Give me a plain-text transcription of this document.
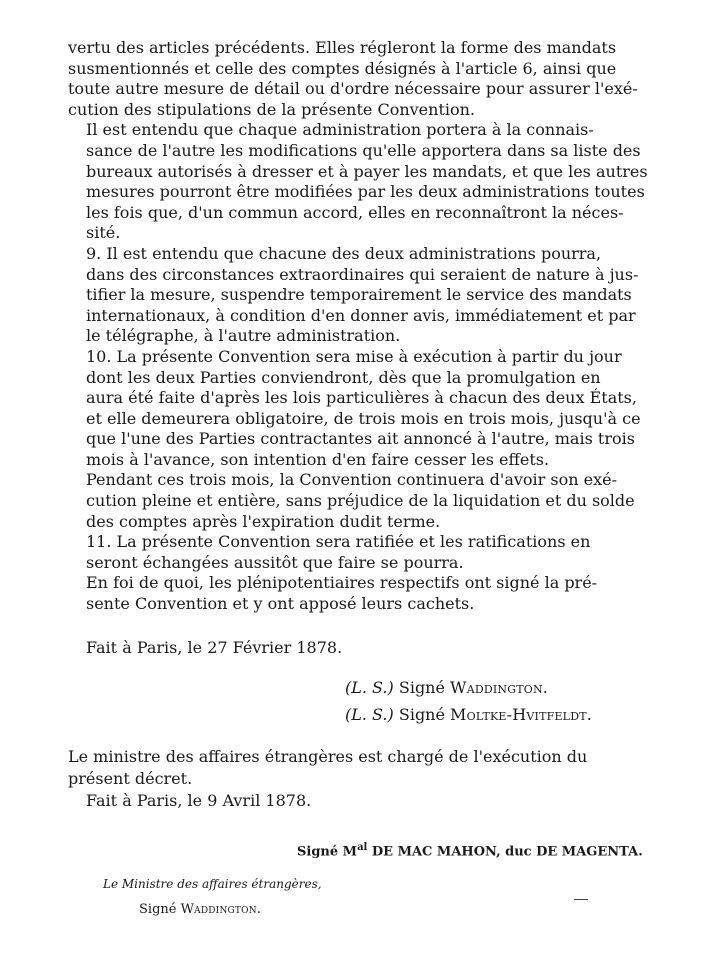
vertu des articles précédents. Elles régleront la forme des mandats
susmentionnés et celle des comptes désignés à l'article 6, ainsi que
toute autre mesure de détail ou d'ordre nécessaire pour assurer l'exé-
cution des stipulations de la présente Convention.

Il est entendu que chaque administration portera à la connais-
sance de l'autre les modifications qu'elle apportera dans sa liste des
bureaux autorisés à dresser et à payer les mandats, et que les autres
mesures pourront être modifiées par les deux administrations toutes
les fois que, d'un commun accord, elles en reconnaîtront la néces-
sité.

9. Il est entendu que chacune des deux administrations pourra,
dans des circonstances extraordinaires qui seraient de nature à jus-
tifier la mesure, suspendre temporairement le service des mandats
internationaux, à condition d'en donner avis, immédiatement et par
le télégraphe, à l'autre administration.

10. La présente Convention sera mise à exécution à partir du jour
dont les deux Parties conviendront, dès que la promulgation en
aura été faite d'après les lois particulières à chacun des deux États,
et elle demeurera obligatoire, de trois mois en trois mois, jusqu'à ce
que l'une des Parties contractantes ait annoncé à l'autre, mais trois
mois à l'avance, son intention d'en faire cesser les effets.

Pendant ces trois mois, la Convention continuera d'avoir son exé-
cution pleine et entière, sans préjudice de la liquidation et du solde
des comptes après l'expiration dudit terme.

11. La présente Convention sera ratifiée et les ratifications en
seront échangées aussitôt que faire se pourra.

En foi de quoi, les plénipotentiaires respectifs ont signé la pré-
sente Convention et y ont apposé leurs cachets.

Fait à Paris, le 27 Février 1878.
(L. S.) Signé Waddington.
(L. S.) Signé Moltke-Hvitfeldt.

Le ministre des affaires étrangères est chargé de l'exécution du
présent décret.

Fait à Paris, le 9 Avril 1878.

Signé $M^{al}$ DE MAC MAHON, duc DE MAGENTA.
Le Ministre des affaires étrangères,
Signé Waddington.
